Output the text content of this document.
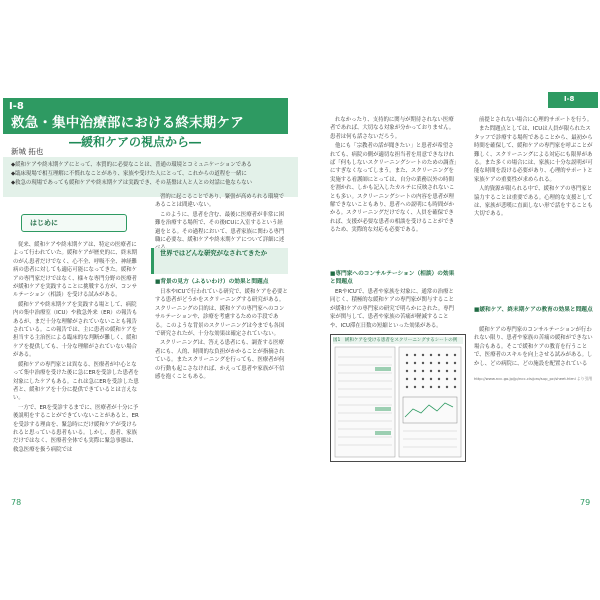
Ⅰ-8
救急・集中治療部における終末期ケア
―緩和ケアの視点から―
新城 拓也
◆緩和ケアや終末期ケアにとって、本質的に必要なことは、普通の環境とコミュニケーションである
◆臨床現場で相互理解に不慣れなことがあり、家族や受けた人にとって、これからの道程を一緒に
◆救急の現場であっても緩和ケアや終末期ケアは実践でき、その基盤は人と人との対話に他ならない
はじめに

従来、緩和ケアや終末期ケアは、特定の医療者によって行われていた。緩和ケアが歴史的に、終末期のがん患者だけでなく、心不全、呼吸不全、神経難病の患者に対しても適応可能になってきた。緩和ケアの専門家だけではなく、様々な専門分野の医療者が緩和ケアを実践することに挑戦する方が、コンサルテーション（相談）を受ける試みがある。

緩和ケアや終末期ケアを実践する場として、病院内の集中治療室（ICU）や救急外来（ER）の報告もあるが、まだ十分な理解がされていないことも報告されている。この報告では、主に患者の緩和ケアを担当する主治医による臨床的な判断が難しく、緩和ケアを提供しても、十分な理解がされていない場合がある。

緩和ケアの専門家とは異なる、医療者が中心となって集中治療を受けた後に急にERを受診した患者を対象にしたケアもある。これは急にERを受診した患者と、緩和ケアを十分に提供できているとは言えない。

一方で、ERを受診するまでに、医療者が十分に予後説明をすることができていないことがあると、ERを受診する理由を、緊急時にだけ緩和ケアが受けられると思っている患者もいる。しかし、患者、家族だけではなく、医療者全体でも実際に緊急事態は、救急医療を扱う病院では

習的に起こることであり、緊張が高められる環境であることは間違いない。

このように、患者を含む、最後に医療者が非常に困難を治療する場所で、その後ICUに入室するという経過をとる。その過程において、患者家族に関わる専門職に必要な、緩和ケアや終末期ケアについて詳細に述

世界ではどんな研究がなされてきたか
■背景の見方（ふるいわけ）の効果と問題点

日本やICUで行われている研究で、緩和ケアを必要とする患者がどうかをスクリーニングする研究がある。スクリーニングの目的は、緩和ケアの専門家へのコンサルテーションや、診療を考慮するための手段である。このような背景のスクリーニングは今までも各国で研究されたが、十分な効果は確定されていない。

スクリーニングは、答える患者にも、調査する医療者にも、人的、時間的な負担がかかることが指摘されている。またスクリーニングを行っても、医療者が何の行動も起こさなければ、かえって患者や家族が不信感を抱くこともある。

78
Ⅰ-8

れなかったり、支持的に関与が期待されない医療者であれば、大切なる対象が分かっておりません。患者は何も話さないだろう。

他にも「宗教者の話が聞きたい」と患者が希望されても、病院の側が適切な担当者を用意できなければ「何もしないスクリーニングシートのための調査」にすぎなくなってしまう。また、スクリーニングを実施する看護師にとっては、自分の業務以外の時間を割かれ、しかも記入したカルテに反映されないことも多い。スクリーニングシートの内容を患者が理解できないこともあり、患者への説明にも時間がかかる。スクリーニングだけでなく、人員を確保できれば、支援が必要な患者の相談を受けることができるため、実際的な対応も必要である。

■専門家へのコンサルテーション（相談）の効果と問題点

ERやICUで、患者や家族を対象に、通常の治療と同じく、積極的な緩和ケアの専門家が関与することが緩和ケアの専門家の研究で明らかにされた。専門家が関与して、患者や家族の苦痛が軽減することや、ICU滞在日数の短縮といった効果がある。

図1　緩和ケアを受ける患者をスクリーニングするシートの例

前提とされない場合に心理的サポートを行う。

また問題点としては、ICUは人員が限られたスタッフで診療する場所であることから、最初から時間を確保して、緩和ケアの専門家を呼ぶことが難しく、スクリーニングによる対応にも限界がある。また多くの場合には、家族に十分な説明が可能な時間を設ける必要があり、心理的サポートと家族ケアの重要性が求められる。

人的資源が限られる中で、緩和ケアの専門家と協力することは重要である。心理的な支援としては、家族が悲嘆に直面しない形で話をすることも大切である。

■緩和ケア、終末期ケアの教育の効果と問題点

緩和ケアの専門家のコンサルテーションが行われない限り、患者や家族の苦痛の緩和ができない場合もある。そこで緩和ケアの教育を行うことで、医療者のスキルを向上させる試みがある。しかし、どの病院に、どの施設を配置されている

http://www.ncc.go.jp/jp/ncc-cis/pro/sup_pc/sheet.html より引用
79
